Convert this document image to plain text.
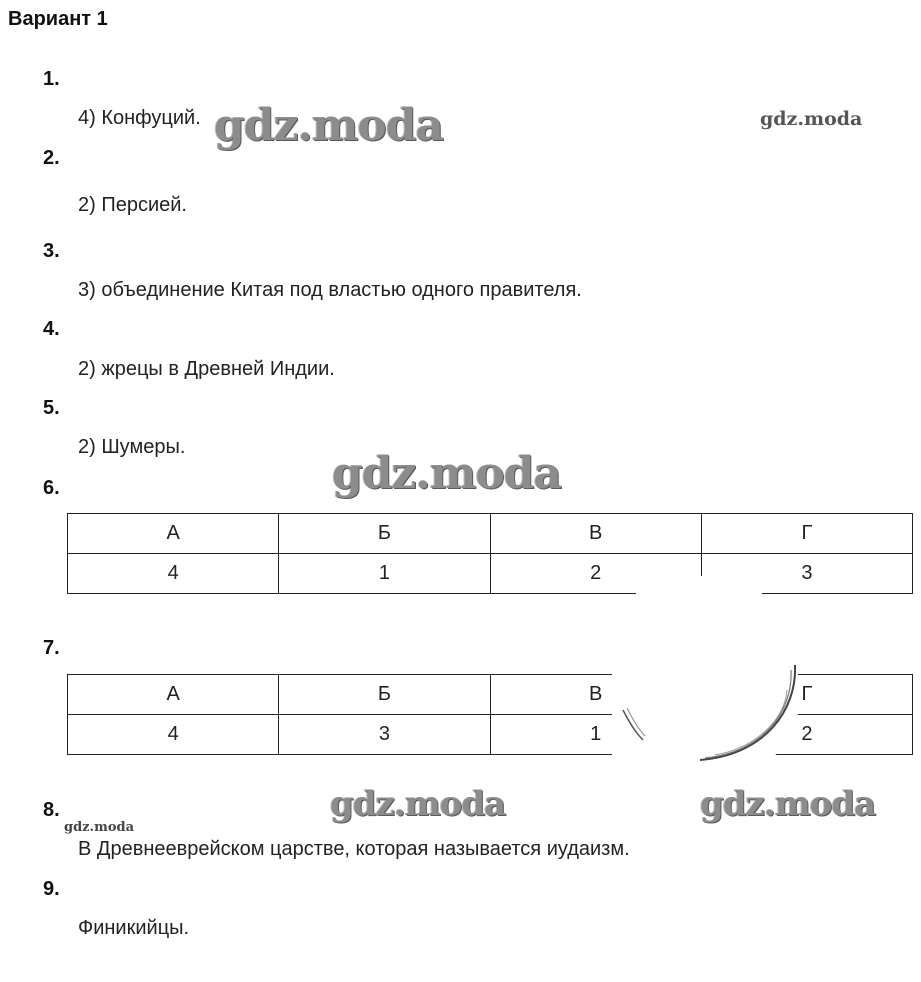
Вариант 1
1.
4) Конфуций.
2.
2) Персией.
3.
3) объединение Китая под властью одного правителя.
4.
2) жрецы в Древней Индии.
5.
2) Шумеры.
6.
А	Б	В	Г
4	1	2	3
7.
А	Б	В	Г
4	3	1	2
8.
В Древнееврейском царстве, которая называется иудаизм.
9.
Финикийцы.
gdz.moda	gdz.moda
gdz.moda
gdz.moda	gdz.moda
gdz.moda
